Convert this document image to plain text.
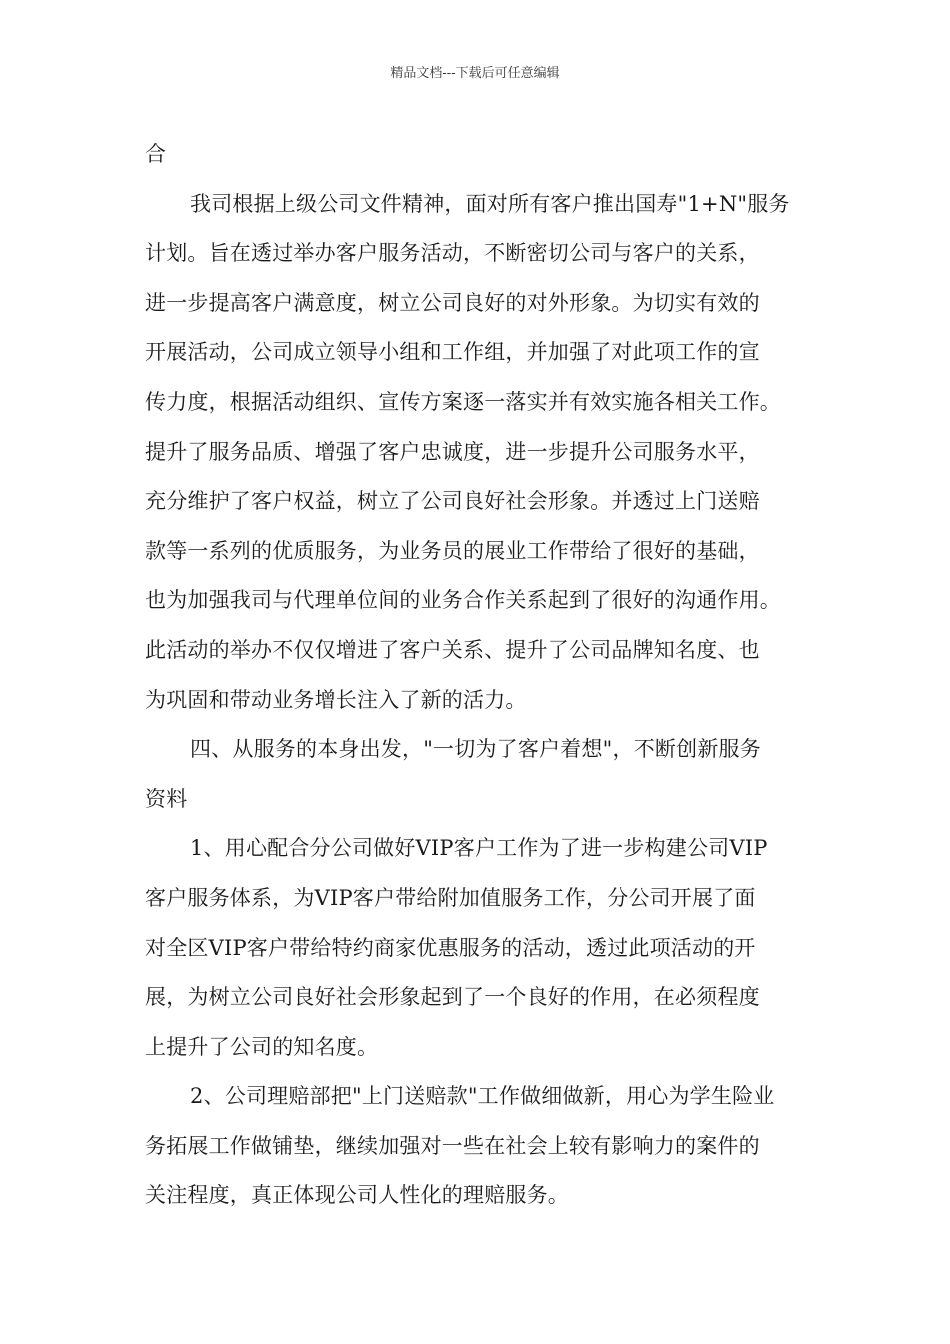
精品文档---下载后可任意编辑
合
我司根据上级公司文件精神，面对所有客户推出国寿"1+N"服务
计划。旨在透过举办客户服务活动，不断密切公司与客户的关系，
进一步提高客户满意度，树立公司良好的对外形象。为切实有效的
开展活动，公司成立领导小组和工作组，并加强了对此项工作的宣
传力度，根据活动组织、宣传方案逐一落实并有效实施各相关工作。
提升了服务品质、增强了客户忠诚度，进一步提升公司服务水平，
充分维护了客户权益，树立了公司良好社会形象。并透过上门送赔
款等一系列的优质服务，为业务员的展业工作带给了很好的基础，
也为加强我司与代理单位间的业务合作关系起到了很好的沟通作用。
此活动的举办不仅仅增进了客户关系、提升了公司品牌知名度、也
为巩固和带动业务增长注入了新的活力。
四、从服务的本身出发，"一切为了客户着想"，不断创新服务
资料
1、用心配合分公司做好VIP客户工作为了进一步构建公司VIP
客户服务体系，为VIP客户带给附加值服务工作，分公司开展了面
对全区VIP客户带给特约商家优惠服务的活动，透过此项活动的开
展，为树立公司良好社会形象起到了一个良好的作用，在必须程度
上提升了公司的知名度。
2、公司理赔部把"上门送赔款"工作做细做新，用心为学生险业
务拓展工作做铺垫，继续加强对一些在社会上较有影响力的案件的
关注程度，真正体现公司人性化的理赔服务。
